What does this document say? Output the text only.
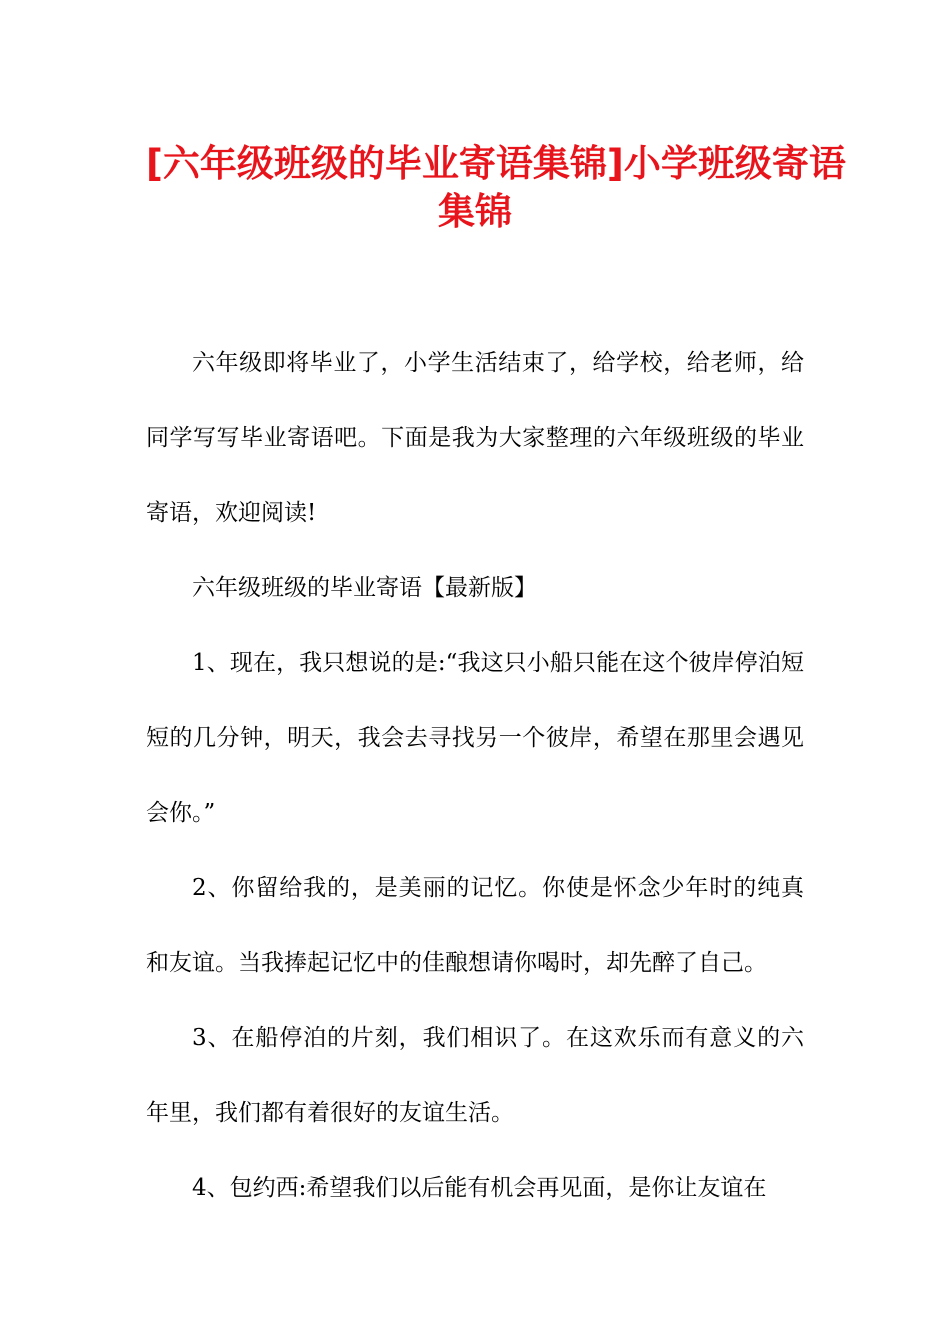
[六年级班级的毕业寄语集锦]小学班级寄语
集锦

六年级即将毕业了，小学生活结束了，给学校，给老师，给同学写写毕业寄语吧。下面是我为大家整理的六年级班级的毕业寄语，欢迎阅读!

六年级班级的毕业寄语【最新版】

1、现在，我只想说的是:“我这只小船只能在这个彼岸停泊短短的几分钟，明天，我会去寻找另一个彼岸，希望在那里会遇见会你。”

2、你留给我的，是美丽的记忆。你使是怀念少年时的纯真和友谊。当我捧起记忆中的佳酿想请你喝时，却先醉了自己。

3、在船停泊的片刻，我们相识了。在这欢乐而有意义的六年里，我们都有着很好的友谊生活。

4、包约西:希望我们以后能有机会再见面，是你让友谊在
